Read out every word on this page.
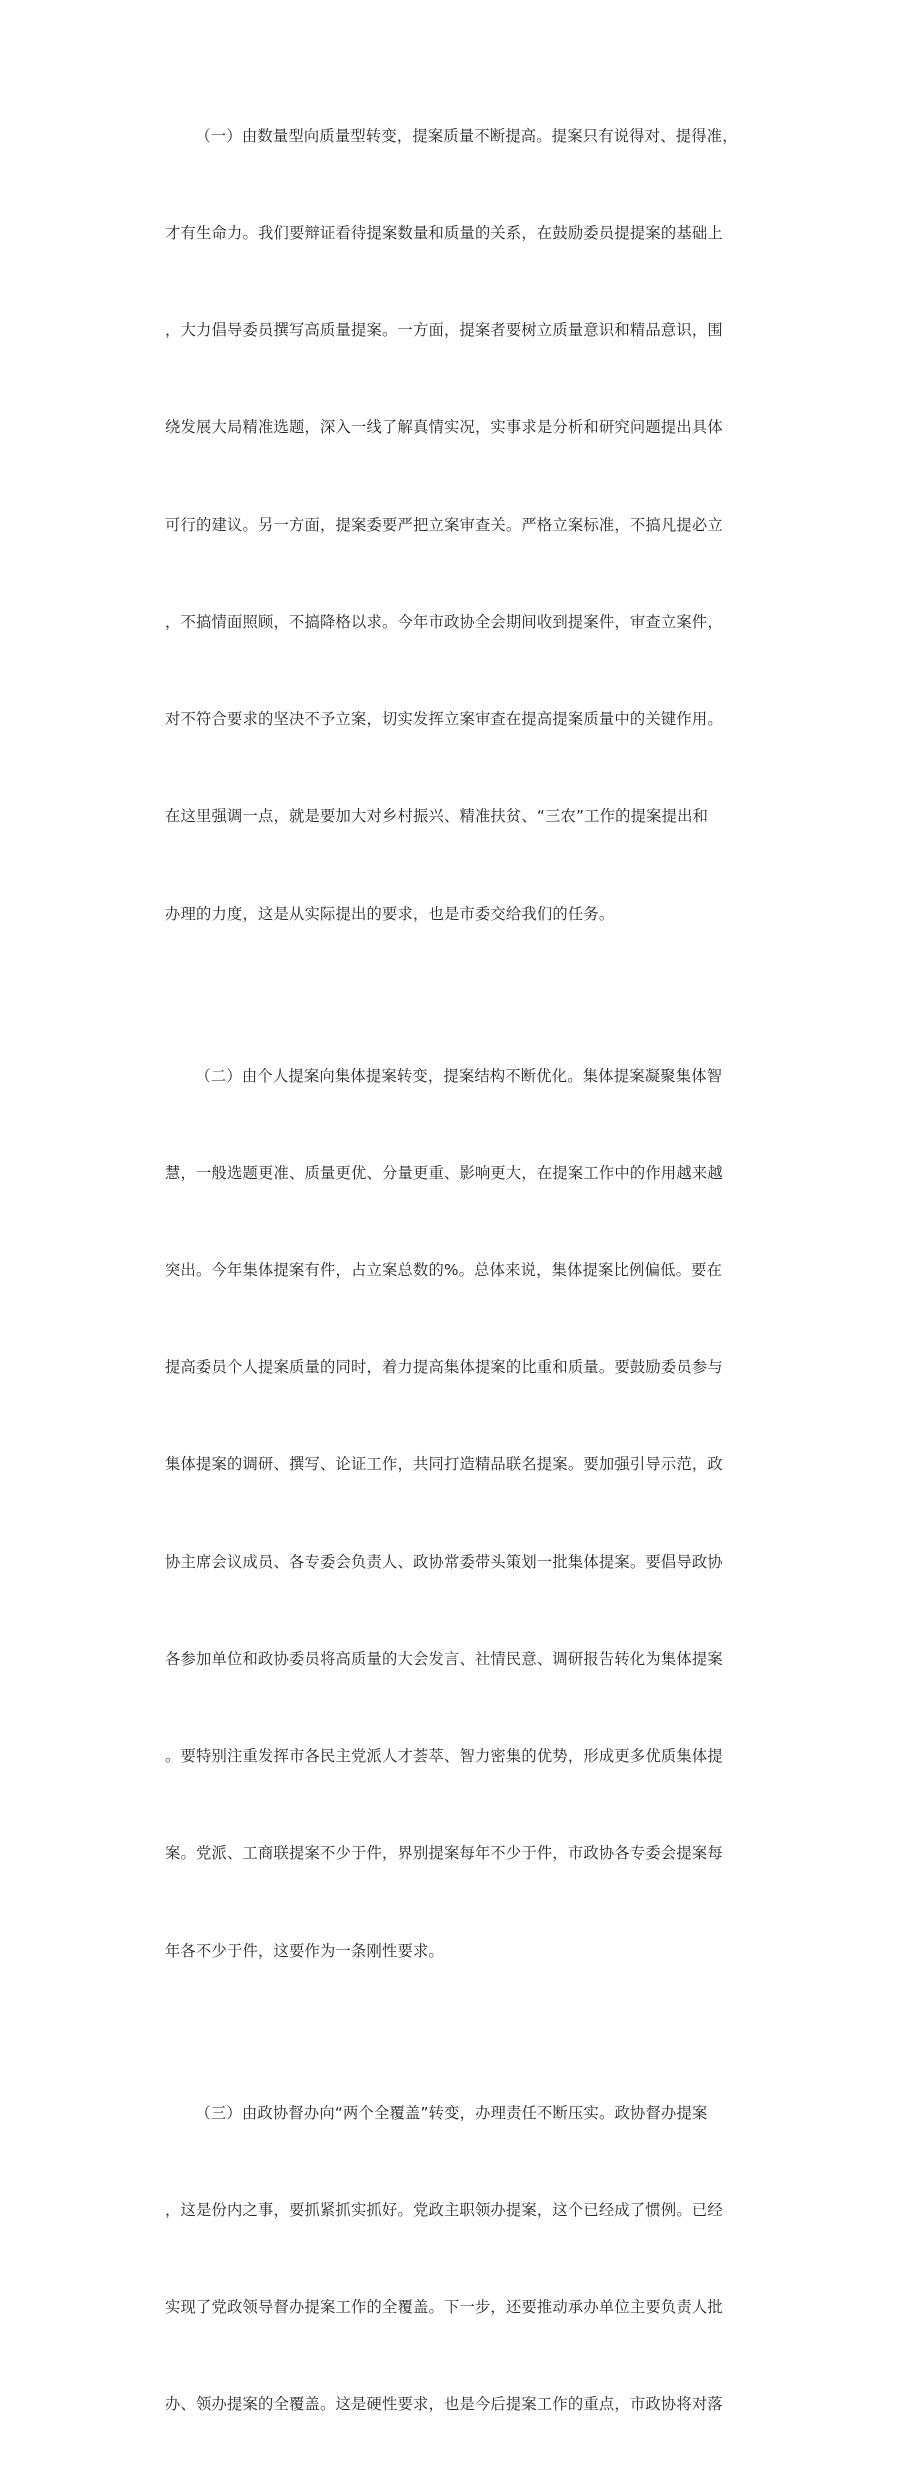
（一）由数量型向质量型转变，提案质量不断提高。提案只有说得对、提得准，

才有生命力。我们要辩证看待提案数量和质量的关系，在鼓励委员提提案的基础上

，大力倡导委员撰写高质量提案。一方面，提案者要树立质量意识和精品意识，围

绕发展大局精准选题，深入一线了解真情实况，实事求是分析和研究问题提出具体

可行的建议。另一方面，提案委要严把立案审查关。严格立案标准，不搞凡提必立

，不搞情面照顾，不搞降格以求。今年市政协全会期间收到提案件，审查立案件，

对不符合要求的坚决不予立案，切实发挥立案审查在提高提案质量中的关键作用。

在这里强调一点，就是要加大对乡村振兴、精准扶贫、“三农”工作的提案提出和

办理的力度，这是从实际提出的要求，也是市委交给我们的任务。

（二）由个人提案向集体提案转变，提案结构不断优化。集体提案凝聚集体智

慧，一般选题更准、质量更优、分量更重、影响更大，在提案工作中的作用越来越

突出。今年集体提案有件，占立案总数的%。总体来说，集体提案比例偏低。要在

提高委员个人提案质量的同时，着力提高集体提案的比重和质量。要鼓励委员参与

集体提案的调研、撰写、论证工作，共同打造精品联名提案。要加强引导示范，政

协主席会议成员、各专委会负责人、政协常委带头策划一批集体提案。要倡导政协

各参加单位和政协委员将高质量的大会发言、社情民意、调研报告转化为集体提案

。要特别注重发挥市各民主党派人才荟萃、智力密集的优势，形成更多优质集体提

案。党派、工商联提案不少于件，界别提案每年不少于件，市政协各专委会提案每

年各不少于件，这要作为一条刚性要求。

（三）由政协督办向“两个全覆盖”转变，办理责任不断压实。政协督办提案

，这是份内之事，要抓紧抓实抓好。党政主职领办提案，这个已经成了惯例。已经

实现了党政领导督办提案工作的全覆盖。下一步，还要推动承办单位主要负责人批

办、领办提案的全覆盖。这是硬性要求，也是今后提案工作的重点，市政协将对落
